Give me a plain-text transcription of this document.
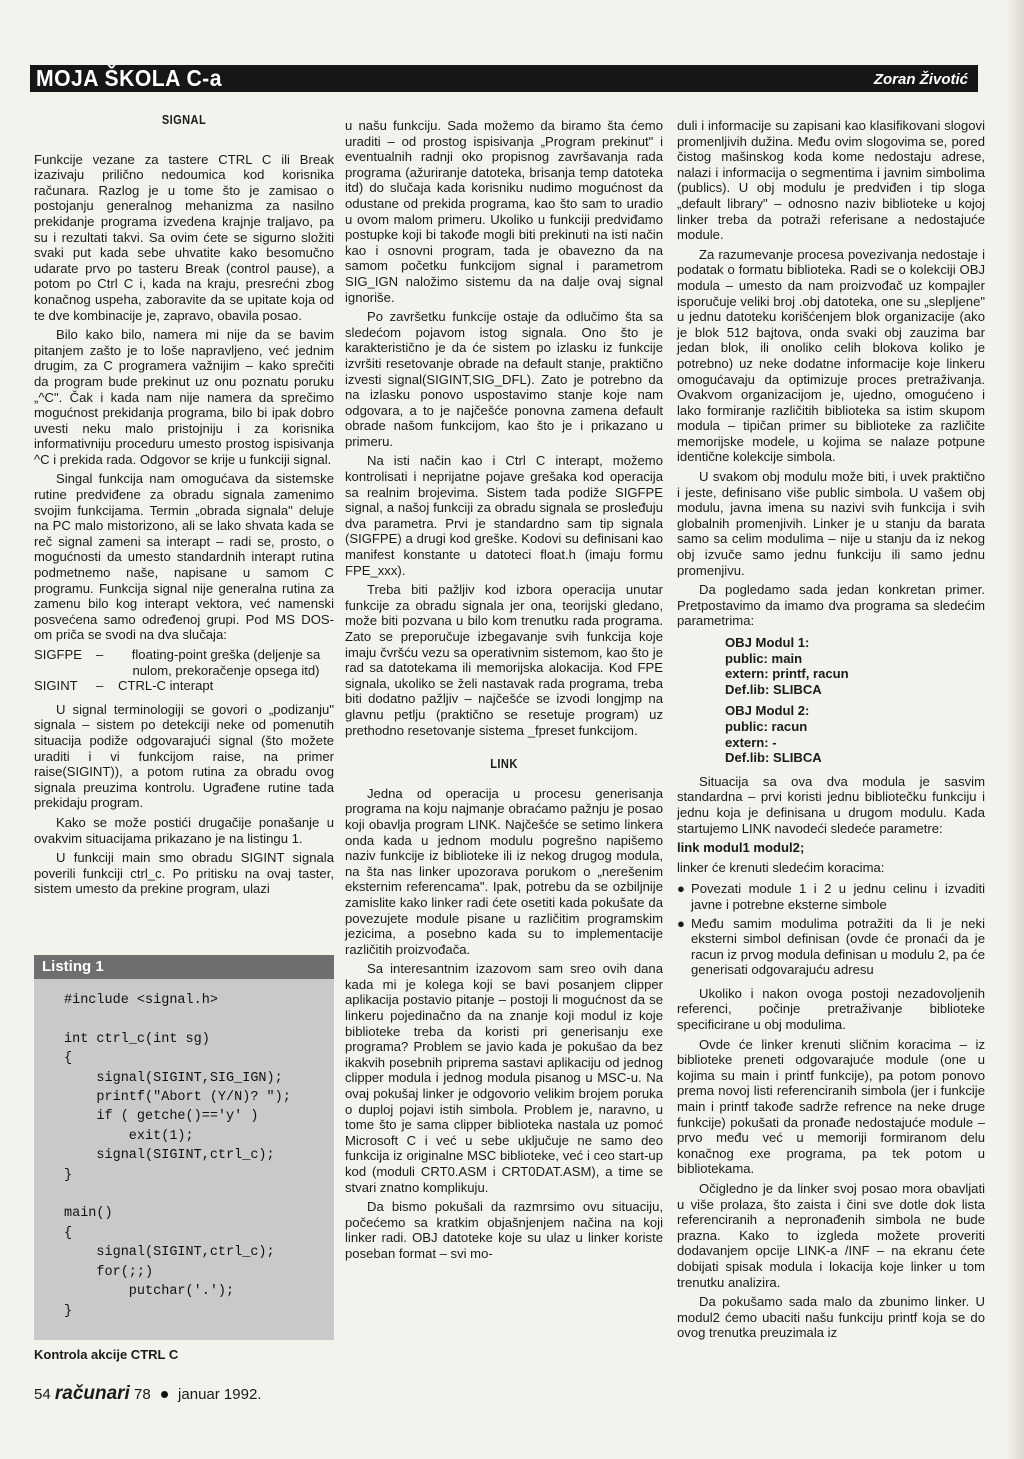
MOJA ŠKOLA C-a	Zoran Životić
SIGNAL

Funkcije vezane za tastere CTRL C ili Break izazivaju prilično nedoumica kod korisnika računara. Razlog je u tome što je zamisao o postojanju generalnog mehanizma za nasilno prekidanje programa izvedena krajnje traljavo, pa su i rezultati takvi. Sa ovim ćete se sigurno složiti svaki put kada sebe uhvatite kako besomučno udarate prvo po tasteru Break (control pause), a potom po Ctrl C i, kada na kraju, presrećni zbog konačnog uspeha, zaboravite da se upitate koja od te dve kombinacije je, zapravo, obavila posao.

Bilo kako bilo, namera mi nije da se bavim pitanjem zašto je to loše napravljeno, već jednim drugim, za C programera važnijim – kako sprečiti da program bude prekinut uz onu poznatu poruku „^C". Čak i kada nam nije namera da sprečimo mogućnost prekidanja programa, bilo bi ipak dobro uvesti neku malo pristojniju i za korisnika informativniju proceduru umesto prostog ispisivanja ^C i prekida rada. Odgovor se krije u funkciji signal.

Singal funkcija nam omogućava da sistemske rutine predviđene za obradu signala zamenimo svojim funkcijama. Termin „obrada signala" deluje na PC malo mistorizono, ali se lako shvata kada se reč signal zameni sa interapt – radi se, prosto, o mogućnosti da umesto standardnih interapt rutina podmetnemo naše, napisane u samom C programu. Funkcija signal nije generalna rutina za zamenu bilo kog interapt vektora, već namenski posvećena samo određenoj grupi. Pod MS DOS-om priča se svodi na dva slučaja:

SIGFPE	–	floating-point greška (deljenje sa nulom, prekoračenje opsega itd)
SIGINT	–	CTRL-C interapt

U signal terminologiji se govori o „podizanju" signala – sistem po detekciji neke od pomenutih situacija podiže odgovarajući signal (što možete uraditi i vi funkcijom raise, na primer raise(SIGINT)), a potom rutina za obradu ovog signala preuzima kontrolu. Ugrađene rutine tada prekidaju program.

Kako se može postići drugačije ponašanje u ovakvim situacijama prikazano je na listingu 1.

U funkciji main smo obradu SIGINT signala poverili funkciji ctrl_c. Po pritisku na ovaj taster, sistem umesto da prekine program, ulazi

Listing 1
#include <signal.h>

int ctrl_c(int sg)
{
signal(SIGINT,SIG_IGN);
printf("Abort (Y/N)? ");
if ( getche()=='y' )
exit(1);
signal(SIGINT,ctrl_c);
}

main()
{
signal(SIGINT,ctrl_c);
for(;;)
putchar('.');
}
Kontrola akcije CTRL C
54 računari 78 januar 1992.

u našu funkciju. Sada možemo da biramo šta ćemo uraditi – od prostog ispisivanja „Program prekinut" i eventualnih radnji oko propisnog završavanja rada programa (ažuriranje datoteka, brisanja temp datoteka itd) do slučaja kada korisniku nudimo mogućnost da odustane od prekida programa, kao što sam to uradio u ovom malom primeru. Ukoliko u funkciji predviđamo postupke koji bi takođe mogli biti prekinuti na isti način kao i osnovni program, tada je obavezno da na samom početku funkcijom signal i parametrom SIG_IGN naložimo sistemu da na dalje ovaj signal ignoriše.

Po završetku funkcije ostaje da odlučimo šta sa sledećom pojavom istog signala. Ono što je karakteristično je da će sistem po izlasku iz funkcije izvršiti resetovanje obrade na default stanje, praktično izvesti signal(SIGINT,SIG_DFL). Zato je potrebno da na izlasku ponovo uspostavimo stanje koje nam odgovara, a to je najčešće ponovna zamena default obrade našom funkcijom, kao što je i prikazano u primeru.

Na isti način kao i Ctrl C interapt, možemo kontrolisati i neprijatne pojave grešaka kod operacija sa realnim brojevima. Sistem tada podiže SIGFPE signal, a našoj funkciji za obradu signala se prosleđuju dva parametra. Prvi je standardno sam tip signala (SIGFPE) a drugi kod greške. Kodovi su definisani kao manifest konstante u datoteci float.h (imaju formu FPE_xxx).

Treba biti pažljiv kod izbora operacija unutar funkcije za obradu signala jer ona, teorijski gledano, može biti pozvana u bilo kom trenutku rada programa. Zato se preporučuje izbegavanje svih funkcija koje imaju čvršću vezu sa operativnim sistemom, kao što je rad sa datotekama ili memorijska alokacija. Kod FPE signala, ukoliko se želi nastavak rada programa, treba biti dodatno pažljiv – najčešće se izvodi longjmp na glavnu petlju (praktično se resetuje program) uz prethodno resetovanje sistema _fpreset funkcijom.

LINK

Jedna od operacija u procesu generisanja programa na koju najmanje obraćamo pažnju je posao koji obavlja program LINK. Najčešće se setimo linkera onda kada u jednom modulu pogrešno napišemo naziv funkcije iz biblioteke ili iz nekog drugog modula, na šta nas linker upozorava porukom o „nerešenim eksternim referencama". Ipak, potrebu da se ozbiljnije zamislite kako linker radi ćete osetiti kada pokušate da povezujete module pisane u različitim programskim jezicima, a posebno kada su to implementacije različitih proizvođača.

Sa interesantnim izazovom sam sreo ovih dana kada mi je kolega koji se bavi posanjem clipper aplikacija postavio pitanje – postoji li mogućnost da se linkeru pojedinačno da na znanje koji modul iz koje biblioteke treba da koristi pri generisanju exe programa? Problem se javio kada je pokušao da bez ikakvih posebnih priprema sastavi aplikaciju od jednog clipper modula i jednog modula pisanog u MSC-u. Na ovaj pokušaj linker je odgovorio velikim brojem poruka o duploj pojavi istih simbola. Problem je, naravno, u tome što je sama clipper biblioteka nastala uz pomoć Microsoft C i već u sebe uključuje ne samo deo funkcija iz originalne MSC biblioteke, već i ceo start-up kod (moduli CRT0.ASM i CRT0DAT.ASM), a time se stvari znatno komplikuju.

Da bismo pokušali da razmrsimo ovu situaciju, počećemo sa kratkim objašnjenjem načina na koji linker radi. OBJ datoteke koje su ulaz u linker koriste poseban format – svi mo-

duli i informacije su zapisani kao klasifikovani slogovi promenljivih dužina. Među ovim slogovima se, pored čistog mašinskog koda kome nedostaju adrese, nalazi i informacija o segmentima i javnim simbolima (publics). U obj modulu je predviđen i tip sloga „default library" – odnosno naziv biblioteke u kojoj linker treba da potraži referisane a nedostajuće module.

Za razumevanje procesa povezivanja nedostaje i podatak o formatu biblioteka. Radi se o kolekciji OBJ modula – umesto da nam proizvođač uz kompajler isporučuje veliki broj .obj datoteka, one su „slepljene" u jednu datoteku korišćenjem blok organizacije (ako je blok 512 bajtova, onda svaki obj zauzima bar jedan blok, ili onoliko celih blokova koliko je potrebno) uz neke dodatne informacije koje linkeru omogućavaju da optimizuje proces pretraživanja. Ovakvom organizacijom je, ujedno, omogućeno i lako formiranje različitih biblioteka sa istim skupom modula – tipičan primer su biblioteke za različite memorijske modele, u kojima se nalaze potpune identične kolekcije simbola.

U svakom obj modulu može biti, i uvek praktično i jeste, definisano više public simbola. U vašem obj modulu, javna imena su nazivi svih funkcija i svih globalnih promenjivih. Linker je u stanju da barata samo sa celim modulima – nije u stanju da iz nekog obj izvuče samo jednu funkciju ili samo jednu promenjivu.

Da pogledamo sada jedan konkretan primer. Pretpostavimo da imamo dva programa sa sledećim parametrima:

OBJ Modul 1:
public: main
extern: printf, racun
Def.lib: SLIBCA
OBJ Modul 2:
public: racun
extern: -
Def.lib: SLIBCA

Situacija sa ova dva modula je sasvim standardna – prvi koristi jednu bibliotečku funkciju i jednu koja je definisana u drugom modulu. Kada startujemo LINK navodeći sledeće parametre:

link modul1 modul2;

linker će krenuti sledećim koracima:

● Povezati module 1 i 2 u jednu celinu i izvaditi javne i potrebne eksterne simbole
● Među samim modulima potražiti da li je neki eksterni simbol definisan (ovde će pronaći da je racun iz prvog modula definisan u modulu 2, pa će generisati odgovarajuću adresu

Ukoliko i nakon ovoga postoji nezadovoljenih referenci, počinje pretraživanje biblioteke specificirane u obj modulima.

Ovde će linker krenuti sličnim koracima – iz biblioteke preneti odgovarajuće module (one u kojima su main i printf funkcije), pa potom ponovo prema novoj listi referenciranih simbola (jer i funkcije main i printf takođe sadrže refrence na neke druge funkcije) pokušati da pronađe nedostajuće module – prvo među već u memoriji formiranom delu konačnog exe programa, pa tek potom u bibliotekama.

Očigledno je da linker svoj posao mora obavljati u više prolaza, što zaista i čini sve dotle dok lista referenciranih a nepronađenih simbola ne bude prazna. Kako to izgleda možete proveriti dodavanjem opcije LINK-a /INF – na ekranu ćete dobijati spisak modula i lokacija koje linker u tom trenutku analizira.

Da pokušamo sada malo da zbunimo linker. U modul2 ćemo ubaciti našu funkciju printf koja se do ovog trenutka preuzimala iz
